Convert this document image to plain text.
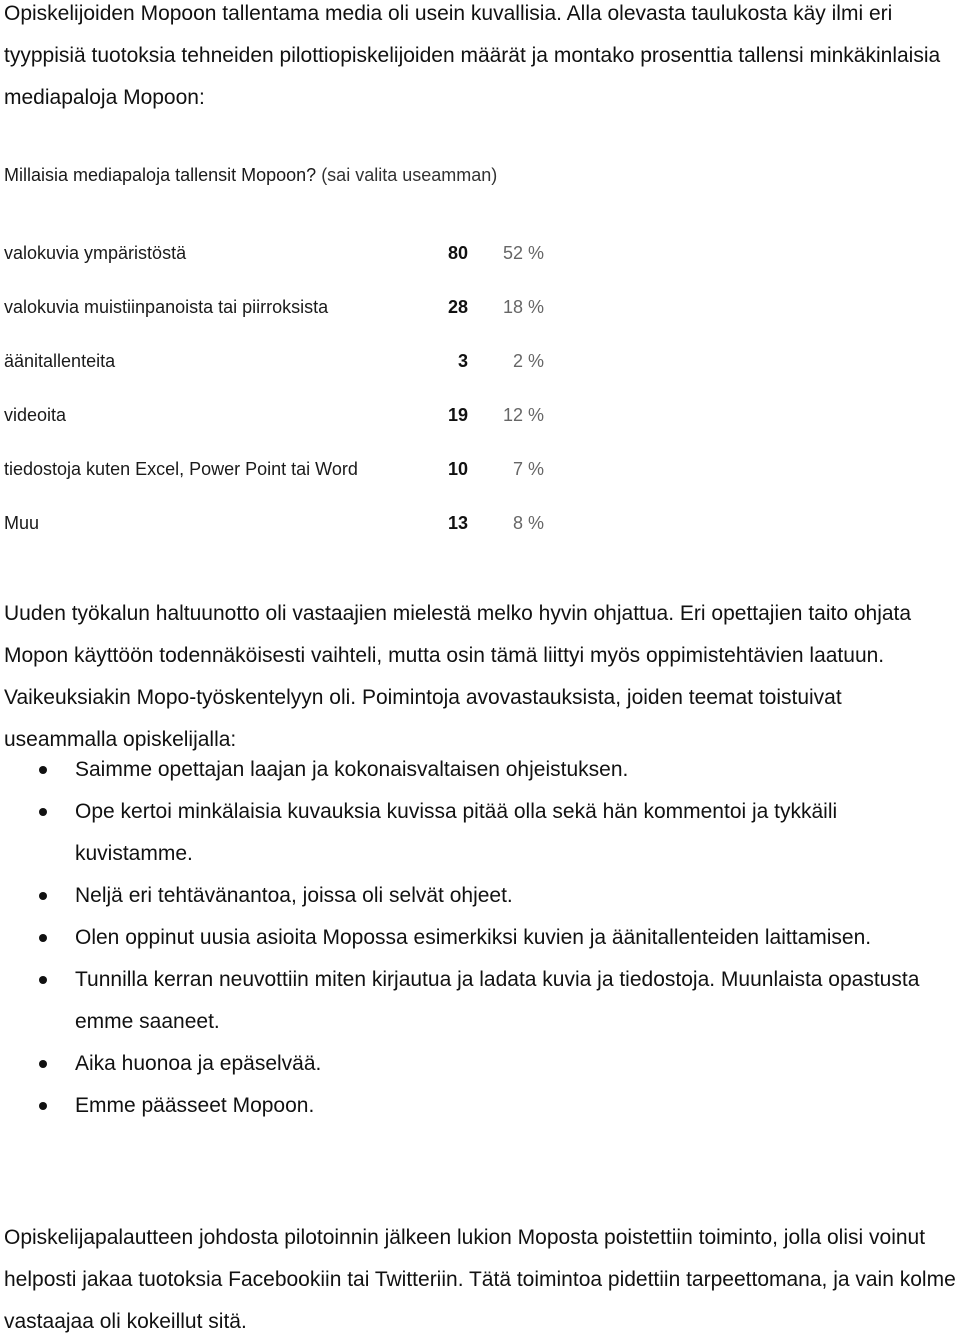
Opiskelijoiden Mopoon tallentama media oli usein kuvallisia. Alla olevasta taulukosta käy ilmi eri tyyppisiä tuotoksia tehneiden pilottiopiskelijoiden määrät ja montako prosenttia tallensi minkäkinlaisia mediapaloja Mopoon:

Millaisia mediapaloja tallensit Mopoon? (sai valita useamman)
valokuvia ympäristöstä	80 52 %
valokuvia muistiinpanoista tai piirroksista	28 18 %
äänitallenteita	3 2 %
videoita	19 12 %
tiedostoja kuten Excel, Power Point tai Word	10 7 %
Muu	13 8 %

Uuden työkalun haltuunotto oli vastaajien mielestä melko hyvin ohjattua. Eri opettajien taito ohjata Mopon käyttöön todennäköisesti vaihteli, mutta osin tämä liittyi myös oppimistehtävien laatuun. Vaikeuksiakin Mopo-työskentelyyn oli. Poimintoja avovastauksista, joiden teemat toistuivat useammalla opiskelijalla:

Saimme opettajan laajan ja kokonaisvaltaisen ohjeistuksen.
Ope kertoi minkälaisia kuvauksia kuvissa pitää olla sekä hän kommentoi ja tykkäili kuvistamme.
Neljä eri tehtävänantoa, joissa oli selvät ohjeet.
Olen oppinut uusia asioita Mopossa esimerkiksi kuvien ja äänitallenteiden laittamisen.
Tunnilla kerran neuvottiin miten kirjautua ja ladata kuvia ja tiedostoja. Muunlaista opastusta emme saaneet.
Aika huonoa ja epäselvää.
Emme päässeet Mopoon.

Opiskelijapalautteen johdosta pilotoinnin jälkeen lukion Moposta poistettiin toiminto, jolla olisi voinut helposti jakaa tuotoksia Facebookiin tai Twitteriin. Tätä toimintoa pidettiin tarpeettomana, ja vain kolme vastaajaa oli kokeillut sitä.
